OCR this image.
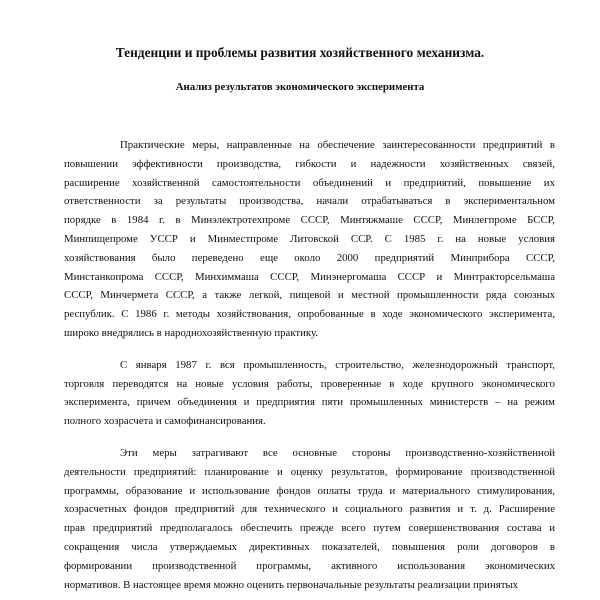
Тенденции и проблемы развития хозяйственного механизма.
Анализ результатов экономического эксперимента
Практические меры, направленные на обеспечение заинтересованности предприятий в
повышении эффективности производства, гибкости и надежности хозяйственных связей,
расширение хозяйственной самостоятельности объединений и предприятий, повышение их
ответственности за результаты производства, начали отрабатываться в экспериментальном
порядке в 1984 г. в Минэлектротехпроме СССР, Минтяжмаше СССР, Минлегпроме БССР,
Минпищепроме УССР и Минместпроме Литовской ССР. С 1985 г. на новые условия
хозяйствования было переведено еще около 2000 предприятий Минприбора СССР,
Минстанкопрома СССР, Минхиммаша СССР, Минэнергомаша СССР и Минтракторсельмаша
СССР, Минчермета СССР, а также легкой, пищевой и местной промышленности ряда союзных
республик. С 1986 г. методы хозяйствования, опробованные в ходе экономического эксперимента,
широко внедрялись в народнохозяйственную практику.
С января 1987 г. вся промышленность, строительство, железнодорожный транспорт,
торговля переводятся на новые условия работы, проверенные в ходе крупного экономического
эксперимента, причем объединения и предприятия пяти промышленных министерств – на режим
полного хозрасчета и самофинансирования.
Эти меры затрагивают все основные стороны производственно-хозяйственной
деятельности предприятий: планирование и оценку результатов, формирование производственной
программы, образование и использование фондов оплаты труда и материального стимулирования,
хозрасчетных фондов предприятий для технического и социального развития и т. д. Расширение
прав предприятий предполагалось обеспечить прежде всего путем совершенствования состава и
сокращения числа утверждаемых директивных показателей, повышения роли договоров в
формировании производственной программы, активного использования экономических
нормативов. В настоящее время можно оценить первоначальные результаты реализации принятых
